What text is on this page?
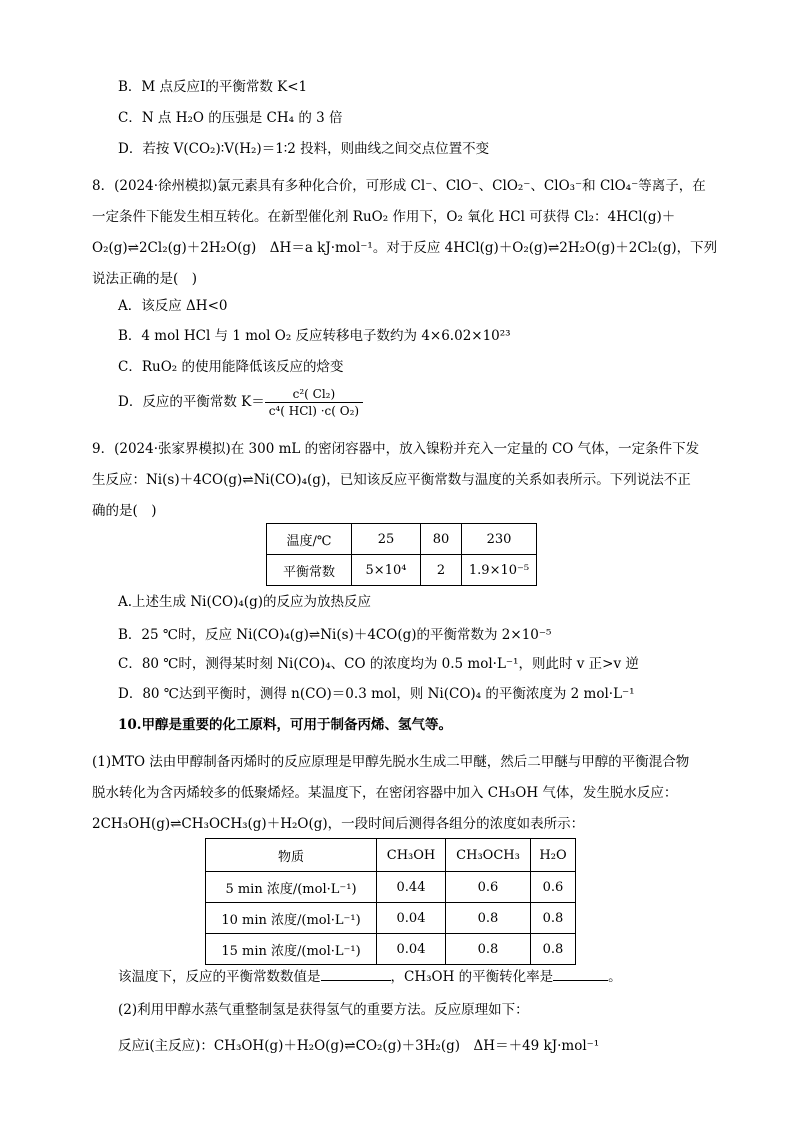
B．M 点反应Ⅰ的平衡常数 K<1
C．N 点 H₂O 的压强是 CH₄ 的 3 倍
D．若按 V(CO₂)∶V(H₂)＝1∶2 投料，则曲线之间交点位置不变
8．(2024·徐州模拟)氯元素具有多种化合价，可形成 Cl⁻、ClO⁻、ClO₂⁻、ClO₃⁻和 ClO₄⁻等离子，在
一定条件下能发生相互转化。在新型催化剂 RuO₂ 作用下，O₂ 氧化 HCl 可获得 Cl₂：4HCl(g)＋
O₂(g)⇌2Cl₂(g)＋2H₂O(g)　ΔH＝a kJ·mol⁻¹。对于反应 4HCl(g)＋O₂(g)⇌2H₂O(g)＋2Cl₂(g)，下列
说法正确的是(　)
A．该反应 ΔH<0
B．4 mol HCl 与 1 mol O₂ 反应转移电子数约为 4×6.02×10²³
C．RuO₂ 的使用能降低该反应的焓变
D．反应的平衡常数 $K= \frac{\text{c²( Cl₂)}}{\text{c⁴( HCl) ·c( O₂)}}$
9．(2024·张家界模拟)在 300 mL 的密闭容器中，放入镍粉并充入一定量的 CO 气体，一定条件下发
生反应：Ni(s)＋4CO(g)⇌Ni(CO)₄(g)，已知该反应平衡常数与温度的关系如表所示。下列说法不正
确的是(　)
温度/℃	25	80	230
平衡常数	5×10⁴	2	1.9×10⁻⁵
A.上述生成 Ni(CO)₄(g)的反应为放热反应
B．25 ℃时，反应 Ni(CO)₄(g)⇌Ni(s)＋4CO(g)的平衡常数为 2×10⁻⁵
C．80 ℃时，测得某时刻 Ni(CO)₄、CO 的浓度均为 0.5 mol·L⁻¹，则此时 v 正>v 逆
D．80 ℃达到平衡时，测得 n(CO)＝0.3 mol，则 Ni(CO)₄ 的平衡浓度为 2 mol·L⁻¹
10.甲醇是重要的化工原料，可用于制备丙烯、氢气等。
(1)MTO 法由甲醇制备丙烯时的反应原理是甲醇先脱水生成二甲醚，然后二甲醚与甲醇的平衡混合物
脱水转化为含丙烯较多的低聚烯烃。某温度下，在密闭容器中加入 CH₃OH 气体，发生脱水反应：
2CH₃OH(g)⇌CH₃OCH₃(g)＋H₂O(g)，一段时间后测得各组分的浓度如表所示：
物质	CH₃OH	CH₃OCH₃	H₂O
5 min 浓度/(mol·L⁻¹)	0.44	0.6	0.6
10 min 浓度/(mol·L⁻¹)	0.04	0.8	0.8
15 min 浓度/(mol·L⁻¹)	0.04	0.8	0.8
该温度下，反应的平衡常数数值是	，CH₃OH 的平衡转化率是	。
(2)利用甲醇水蒸气重整制氢是获得氢气的重要方法。反应原理如下：
反应ⅰ(主反应)：CH₃OH(g)＋H₂O(g)⇌CO₂(g)＋3H₂(g)　ΔH＝＋49 kJ·mol⁻¹
